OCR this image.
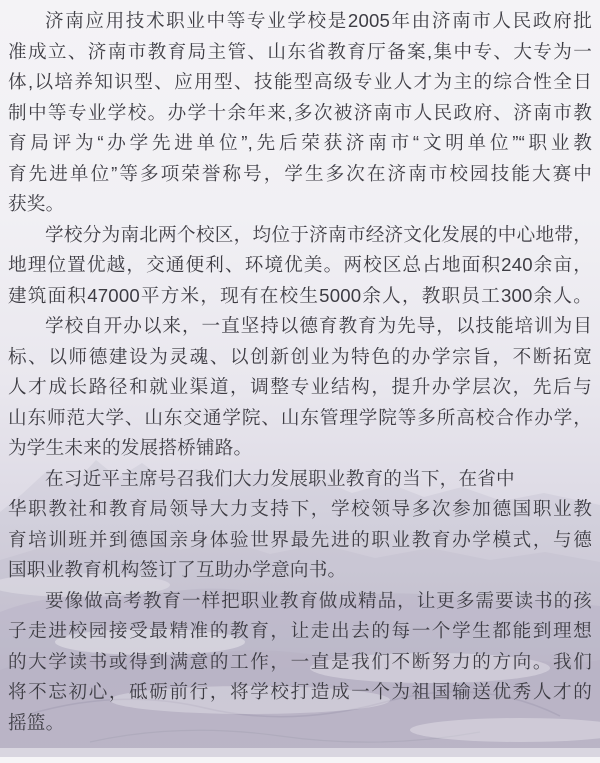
济南应用技术职业中等专业学校是2005年由济南市人民政府批
准成立、济南市教育局主管、山东省教育厅备案,集中专、大专为一
体,以培养知识型、应用型、技能型高级专业人才为主的综合性全日
制中等专业学校。办学十余年来,多次被济南市人民政府、济南市教
育局评为“办学先进单位”,先后荣获济南市“文明单位”“职业教
育先进单位”等多项荣誉称号，学生多次在济南市校园技能大赛中
获奖。
学校分为南北两个校区，均位于济南市经济文化发展的中心地带，
地理位置优越，交通便利、环境优美。两校区总占地面积240余亩，
建筑面积47000平方米，现有在校生5000余人，教职员工300余人。
学校自开办以来，一直坚持以德育教育为先导，以技能培训为目
标、以师德建设为灵魂、以创新创业为特色的办学宗旨，不断拓宽
人才成长路径和就业渠道，调整专业结构，提升办学层次，先后与
山东师范大学、山东交通学院、山东管理学院等多所高校合作办学，
为学生未来的发展搭桥铺路。
在习近平主席号召我们大力发展职业教育的当下，在省中
华职教社和教育局领导大力支持下，学校领导多次参加德国职业教
育培训班并到德国亲身体验世界最先进的职业教育办学模式，与德
国职业教育机构签订了互助办学意向书。
要像做高考教育一样把职业教育做成精品，让更多需要读书的孩
子走进校园接受最精准的教育，让走出去的每一个学生都能到理想
的大学读书或得到满意的工作，一直是我们不断努力的方向。我们
将不忘初心，砥砺前行，将学校打造成一个为祖国输送优秀人才的
摇篮。
